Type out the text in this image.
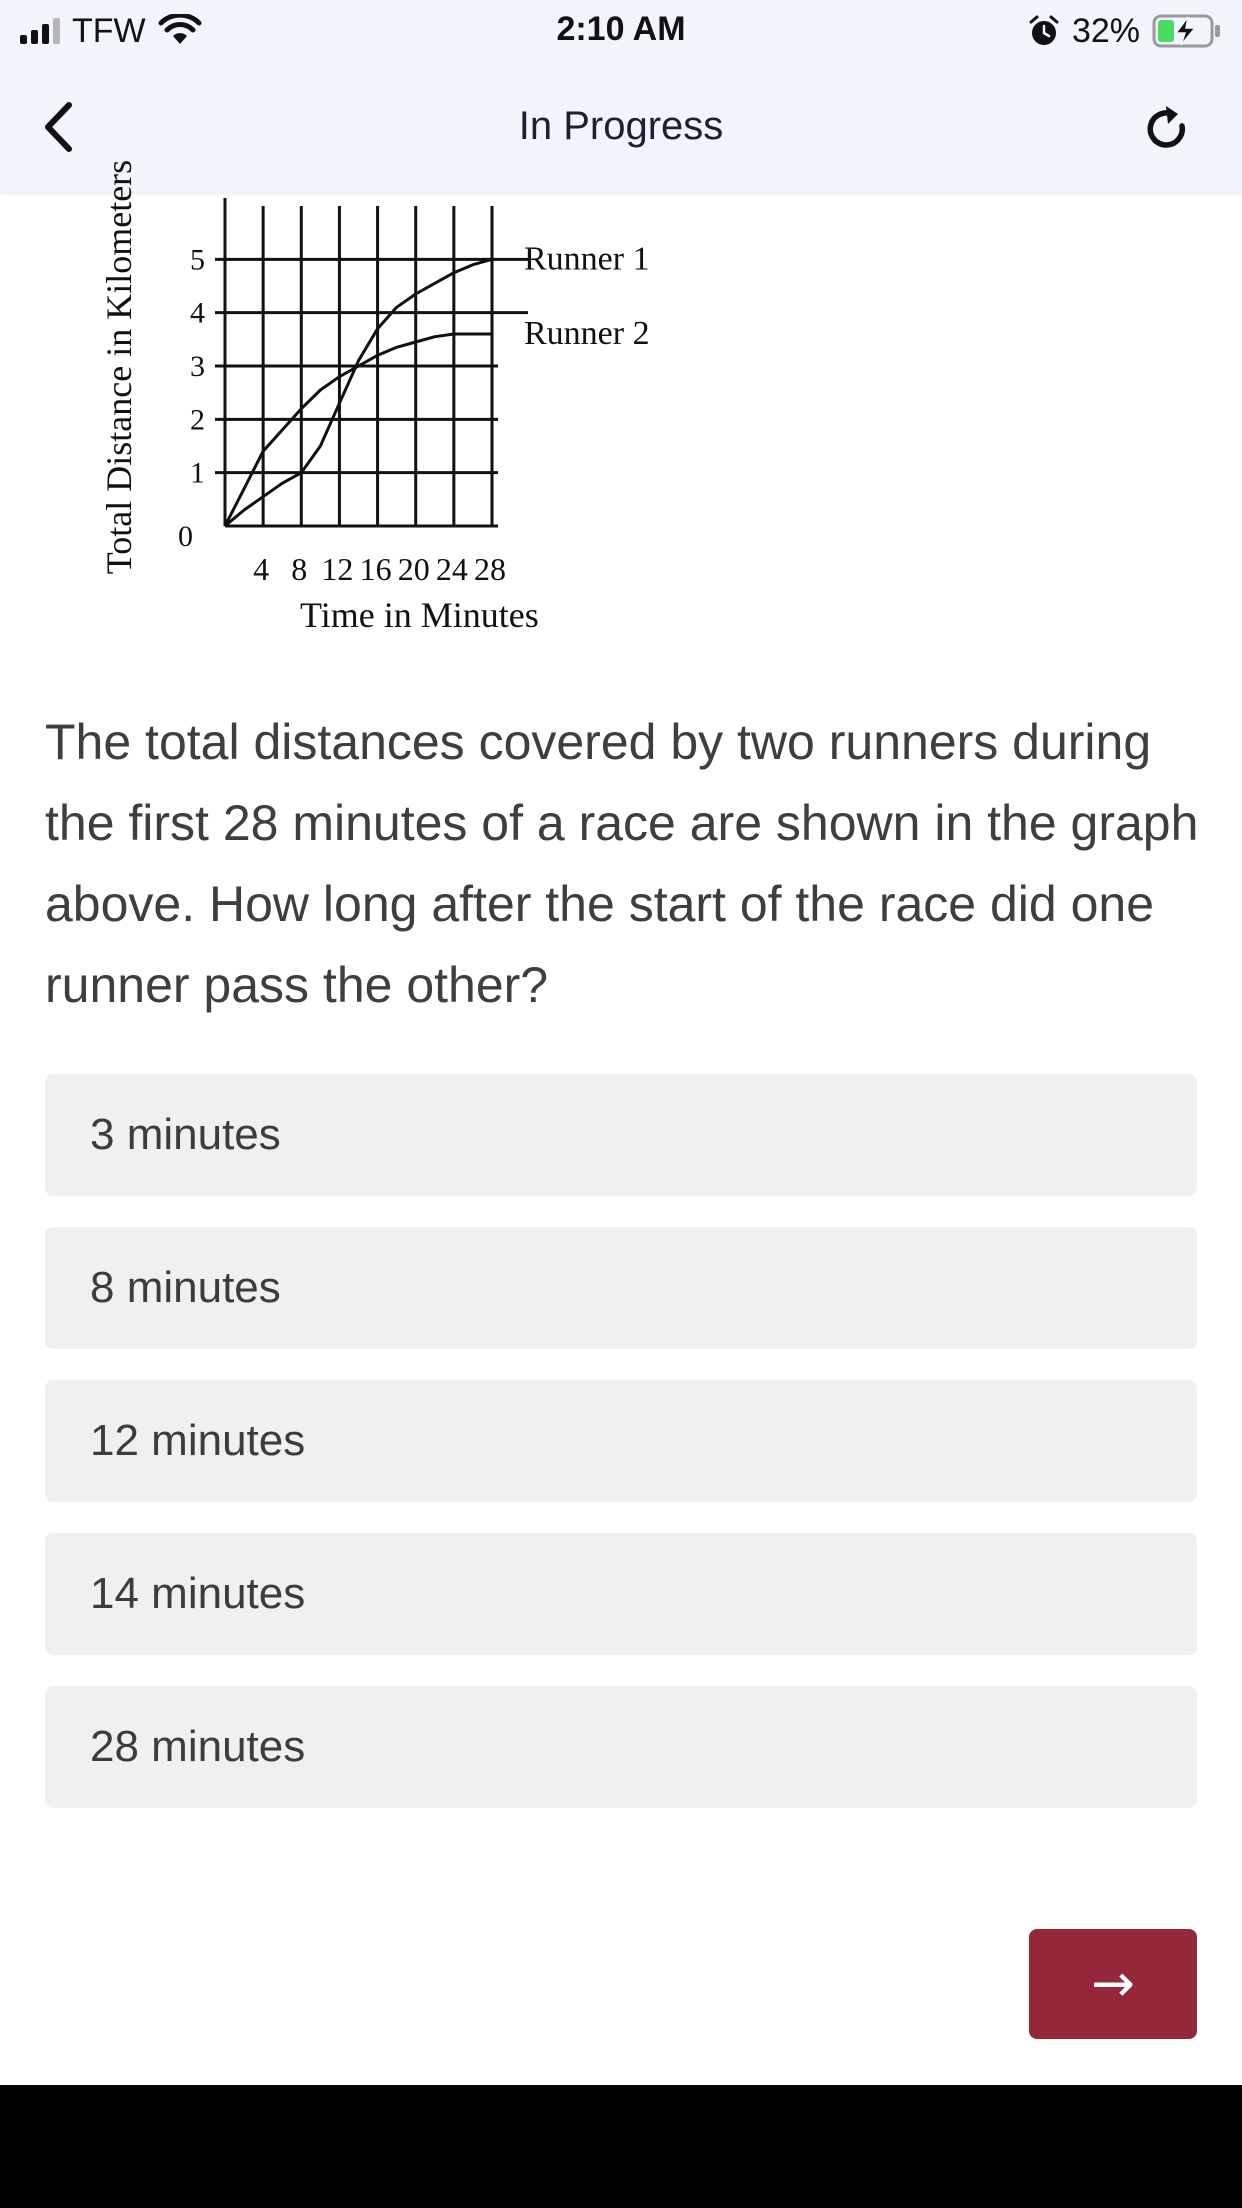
TFW	2:10 AM	32%
In Progress
Total Distance in Kilometers 0
1
2
3
4
5
4 8 12 16 20 24 28
Runner 1
Runner 2
Time in Minutes

The total distances covered by two runners during the first 28 minutes of a race are shown in the graph above. How long after the start of the race did one runner pass the other?

3 minutes
8 minutes
12 minutes
14 minutes
28 minutes
→
